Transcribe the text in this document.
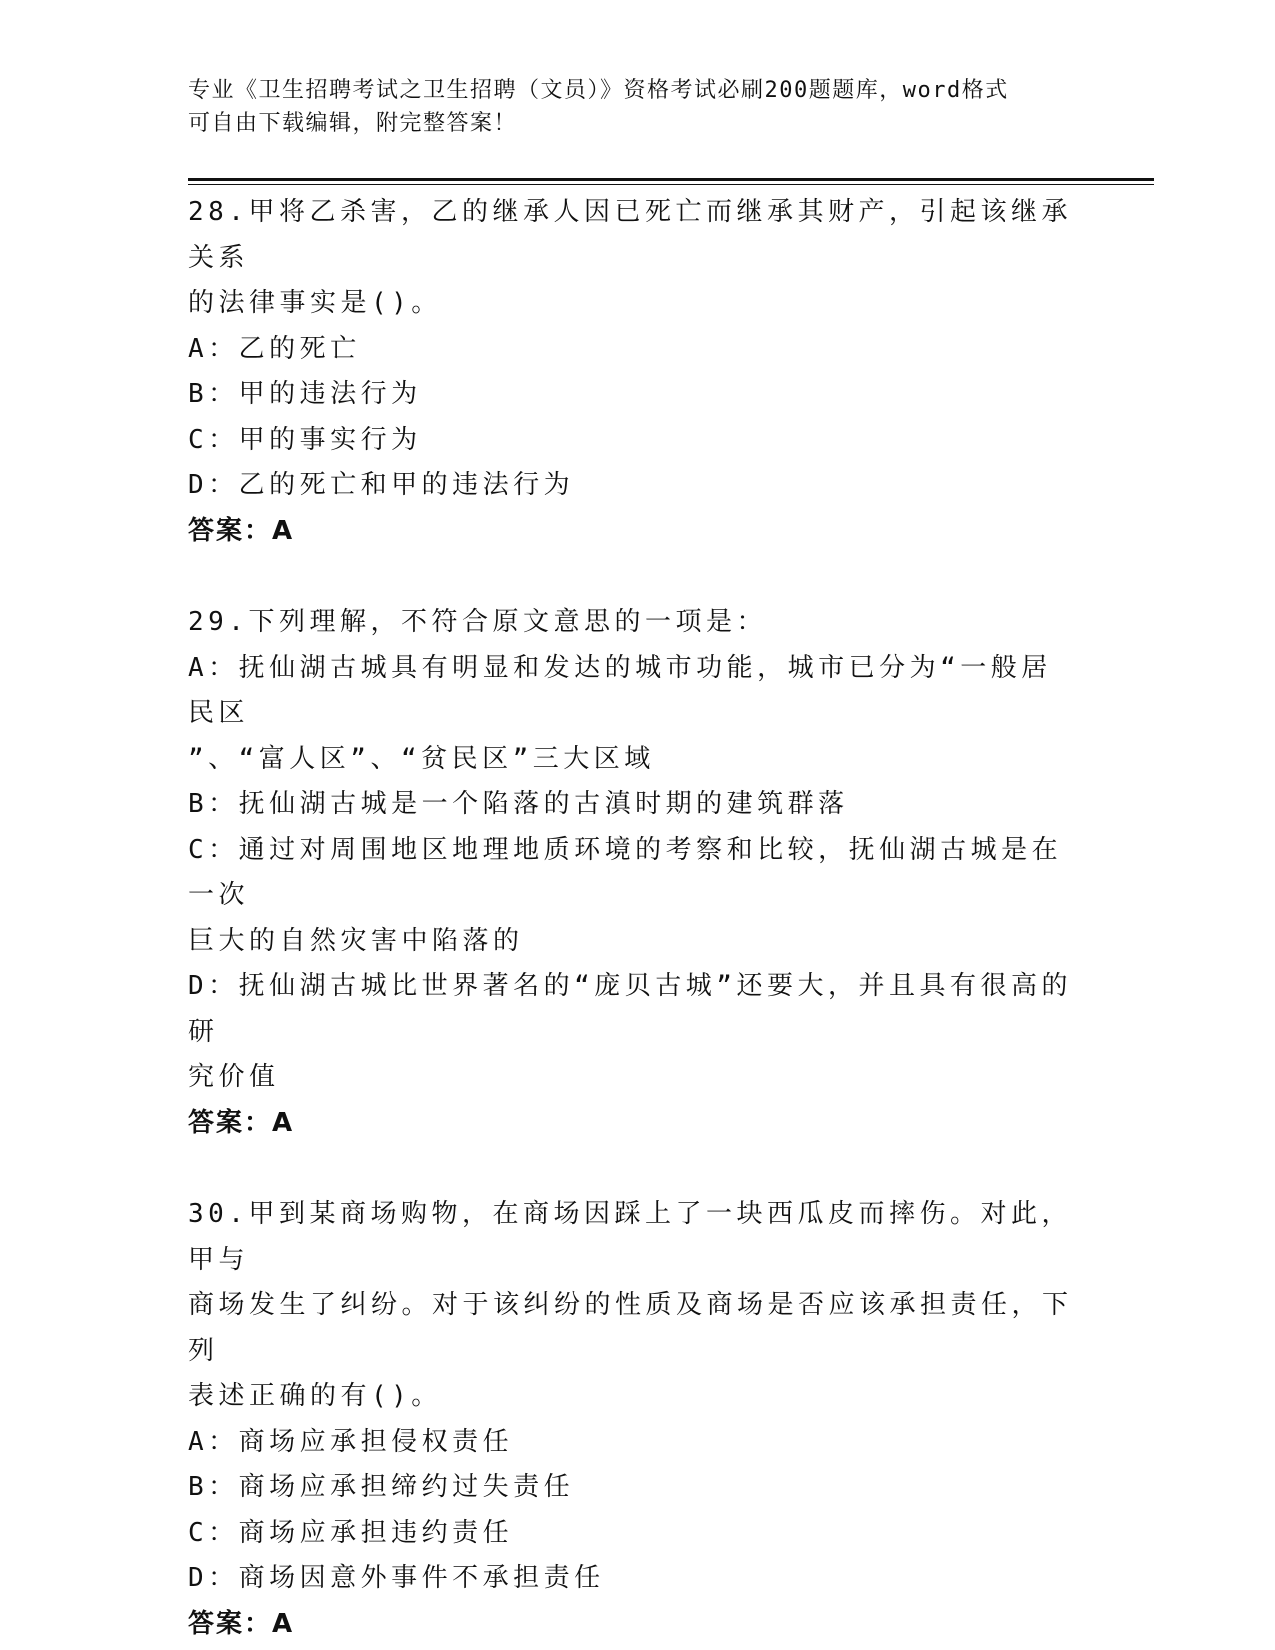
专业《卫生招聘考试之卫生招聘（文员）》资格考试必刷200题题库，word格式
可自由下载编辑，附完整答案！
28.甲将乙杀害，乙的继承人因已死亡而继承其财产，引起该继承关系
的法律事实是()。
A：乙的死亡
B：甲的违法行为
C：甲的事实行为
D：乙的死亡和甲的违法行为
答案：A
29.下列理解，不符合原文意思的一项是：
A：抚仙湖古城具有明显和发达的城市功能，城市已分为“一般居民区
”、“富人区”、“贫民区”三大区域
B：抚仙湖古城是一个陷落的古滇时期的建筑群落
C：通过对周围地区地理地质环境的考察和比较，抚仙湖古城是在一次
巨大的自然灾害中陷落的
D：抚仙湖古城比世界著名的“庞贝古城”还要大，并且具有很高的研
究价值
答案：A
30.甲到某商场购物，在商场因踩上了一块西瓜皮而摔伤。对此，甲与
商场发生了纠纷。对于该纠纷的性质及商场是否应该承担责任，下列
表述正确的有()。
A：商场应承担侵权责任
B：商场应承担缔约过失责任
C：商场应承担违约责任
D：商场因意外事件不承担责任
答案：A
